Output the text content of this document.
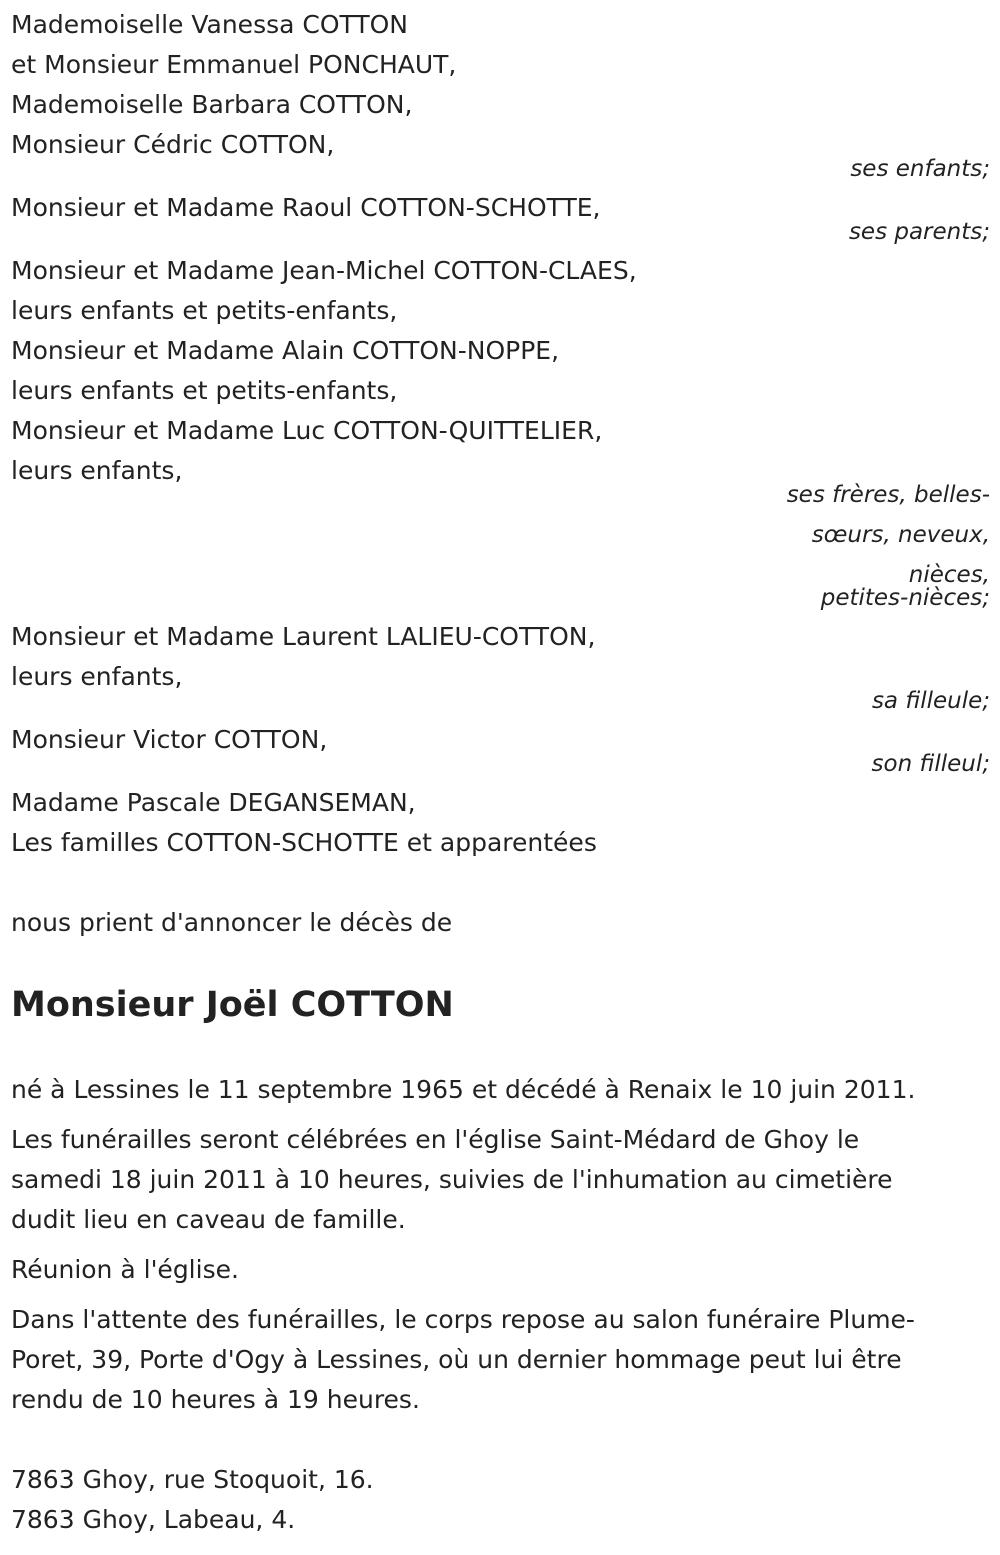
Mademoiselle Vanessa COTTON
et Monsieur Emmanuel PONCHAUT,
Mademoiselle Barbara COTTON,
Monsieur Cédric COTTON,
ses enfants;
Monsieur et Madame Raoul COTTON-SCHOTTE,
ses parents;
Monsieur et Madame Jean-Michel COTTON-CLAES,
leurs enfants et petits-enfants,
Monsieur et Madame Alain COTTON-NOPPE,
leurs enfants et petits-enfants,
Monsieur et Madame Luc COTTON-QUITTELIER,
leurs enfants,
ses frères, belles-
sœurs, neveux,
nièces,
petites-nièces;
Monsieur et Madame Laurent LALIEU-COTTON,
leurs enfants,
sa filleule;
Monsieur Victor COTTON,
son filleul;
Madame Pascale DEGANSEMAN,
Les familles COTTON-SCHOTTE et apparentées
nous prient d'annoncer le décès de
Monsieur Joël COTTON
né à Lessines le 11 septembre 1965 et décédé à Renaix le 10 juin 2011.
Les funérailles seront célébrées en l'église Saint-Médard de Ghoy le
samedi 18 juin 2011 à 10 heures, suivies de l'inhumation au cimetière
dudit lieu en caveau de famille.
Réunion à l'église.
Dans l'attente des funérailles, le corps repose au salon funéraire Plume-
Poret, 39, Porte d'Ogy à Lessines, où un dernier hommage peut lui être
rendu de 10 heures à 19 heures.
7863 Ghoy, rue Stoquoit, 16.
7863 Ghoy, Labeau, 4.
